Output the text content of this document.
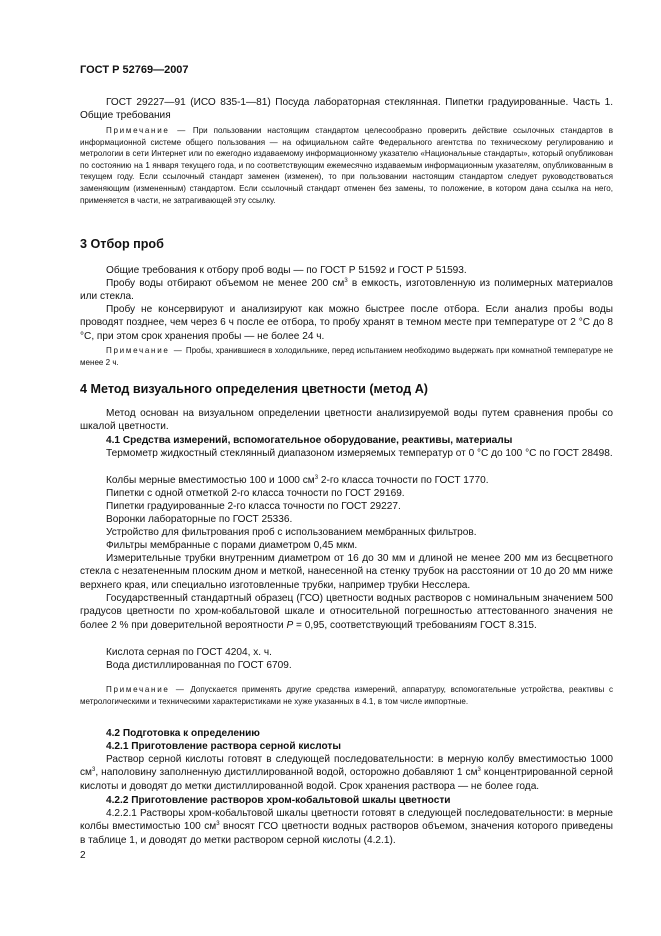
ГОСТ Р 52769—2007

ГОСТ 29227—91 (ИСО 835-1—81) Посуда лабораторная стеклянная. Пипетки градуированные. Часть 1. Общие требования

Примечание — При пользовании настоящим стандартом целесообразно проверить действие ссылочных стандартов в информационной системе общего пользования — на официальном сайте Федерального агентства по техническому регулированию и метрологии в сети Интернет или по ежегодно издаваемому информационному указателю «Национальные стандарты», который опубликован по состоянию на 1 января текущего года, и по соответствующим ежемесячно издаваемым информационным указателям, опубликованным в текущем году. Если ссылочный стандарт заменен (изменен), то при пользовании настоящим стандартом следует руководствоваться заменяющим (измененным) стандартом. Если ссылочный стандарт отменен без замены, то положение, в котором дана ссылка на него, применяется в части, не затрагивающей эту ссылку.

3 Отбор проб

Общие требования к отбору проб воды — по ГОСТ Р 51592 и ГОСТ Р 51593.

Пробу воды отбирают объемом не менее 200 $см^3$ в емкость, изготовленную из полимерных материалов или стекла.

Пробу не консервируют и анализируют как можно быстрее после отбора. Если анализ пробы воды проводят позднее, чем через 6 ч после ее отбора, то пробу хранят в темном месте при температуре от 2 °С до 8 °С, при этом срок хранения пробы — не более 24 ч.

Примечание — Пробы, хранившиеся в холодильнике, перед испытанием необходимо выдержать при комнатной температуре не менее 2 ч.

4 Метод визуального определения цветности (метод А)

Метод основан на визуальном определении цветности анализируемой воды путем сравнения пробы со шкалой цветности.

4.1 Средства измерений, вспомогательное оборудование, реактивы, материалы

Термометр жидкостный стеклянный диапазоном измеряемых температур от 0 °С до 100 °С по ГОСТ 28498.

Колбы мерные вместимостью 100 и 1000 $см^3$ 2-го класса точности по ГОСТ 1770.

Пипетки с одной отметкой 2-го класса точности по ГОСТ 29169.

Пипетки градуированные 2-го класса точности по ГОСТ 29227.

Воронки лабораторные по ГОСТ 25336.

Устройство для фильтрования проб с использованием мембранных фильтров.

Фильтры мембранные с порами диаметром 0,45 мкм.

Измерительные трубки внутренним диаметром от 16 до 30 мм и длиной не менее 200 мм из бесцветного стекла с незатененным плоским дном и меткой, нанесенной на стенку трубок на расстоянии от 10 до 20 мм ниже верхнего края, или специально изготовленные трубки, например трубки Несслера.

Государственный стандартный образец (ГСО) цветности водных растворов с номинальным значением 500 градусов цветности по хром-кобальтовой шкале и относительной погрешностью аттестованного значения не более 2 % при доверительной вероятности P = 0,95, соответствующий требованиям ГОСТ 8.315.

Кислота серная по ГОСТ 4204, х. ч.

Вода дистиллированная по ГОСТ 6709.

Примечание — Допускается применять другие средства измерений, аппаратуру, вспомогательные устройства, реактивы с метрологическими и техническими характеристиками не хуже указанных в 4.1, в том числе импортные.

4.2 Подготовка к определению
4.2.1 Приготовление раствора серной кислоты

Раствор серной кислоты готовят в следующей последовательности: в мерную колбу вместимостью 1000 $см^3$, наполовину заполненную дистиллированной водой, осторожно добавляют 1 $см^3$ концентрированной серной кислоты и доводят до метки дистиллированной водой. Срок хранения раствора — не более года.

4.2.2 Приготовление растворов хром-кобальтовой шкалы цветности

4.2.2.1 Растворы хром-кобальтовой шкалы цветности готовят в следующей последовательности: в мерные колбы вместимостью 100 $см^3$ вносят ГСО цветности водных растворов объемом, значения которого приведены в таблице 1, и доводят до метки раствором серной кислоты (4.2.1).

2
